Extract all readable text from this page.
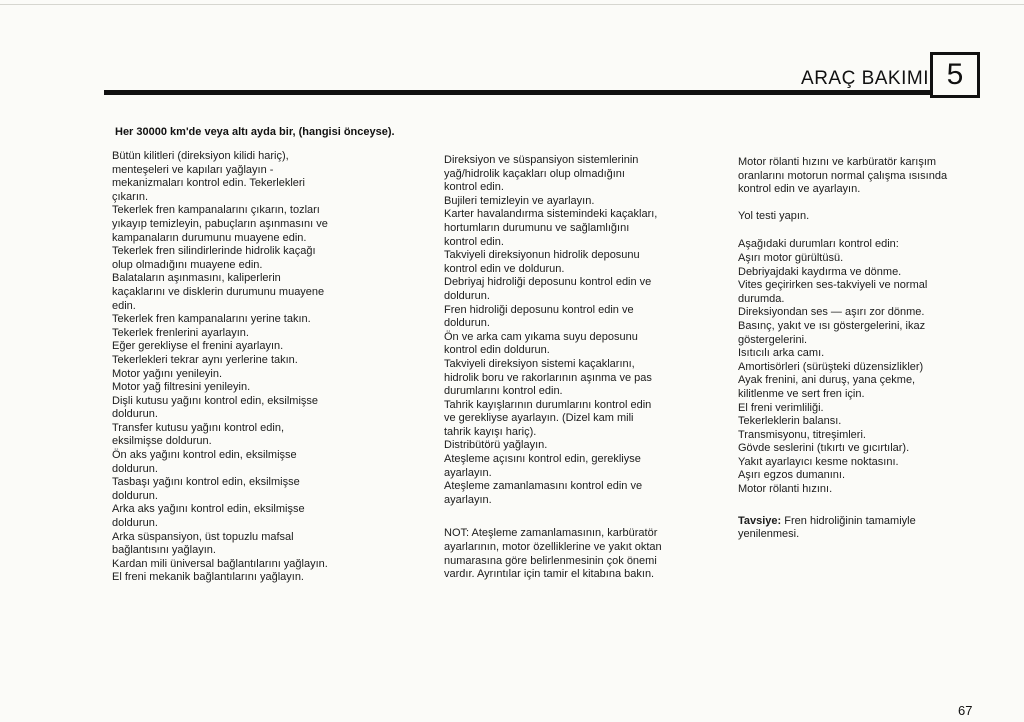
ARAÇ BAKIMI 5
Her 30000 km'de veya altı ayda bir, (hangisi önceyse).

Bütün kilitleri (direksiyon kilidi hariç),

menteşeleri ve kapıları yağlayın -

mekanizmaları kontrol edin. Tekerlekleri

çıkarın.

Tekerlek fren kampanalarını çıkarın, tozları

yıkayıp temizleyin, pabuçların aşınmasını ve

kampanaların durumunu muayene edin.

Tekerlek fren silindirlerinde hidrolik kaçağı

olup olmadığını muayene edin.

Balataların aşınmasını, kaliperlerin

kaçaklarını ve disklerin durumunu muayene

edin.

Tekerlek fren kampanalarını yerine takın.

Tekerlek frenlerini ayarlayın.

Eğer gerekliyse el frenini ayarlayın.

Tekerlekleri tekrar aynı yerlerine takın.

Motor yağını yenileyin.

Motor yağ filtresini yenileyin.

Dişli kutusu yağını kontrol edin, eksilmişse

doldurun.

Transfer kutusu yağını kontrol edin,

eksilmişse doldurun.

Ön aks yağını kontrol edin, eksilmişse

doldurun.

Tasbaşı yağını kontrol edin, eksilmişse

doldurun.

Arka aks yağını kontrol edin, eksilmişse

doldurun.

Arka süspansiyon, üst topuzlu mafsal

bağlantısını yağlayın.

Kardan mili üniversal bağlantılarını yağlayın.

El freni mekanik bağlantılarını yağlayın.

Direksiyon ve süspansiyon sistemlerinin

yağ/hidrolik kaçakları olup olmadığını

kontrol edin.

Bujileri temizleyin ve ayarlayın.

Karter havalandırma sistemindeki kaçakları,

hortumların durumunu ve sağlamlığını

kontrol edin.

Takviyeli direksiyonun hidrolik deposunu

kontrol edin ve doldurun.

Debriyaj hidroliği deposunu kontrol edin ve

doldurun.

Fren hidroliği deposunu kontrol edin ve

doldurun.

Ön ve arka cam yıkama suyu deposunu

kontrol edin doldurun.

Takviyeli direksiyon sistemi kaçaklarını,

hidrolik boru ve rakorlarının aşınma ve pas

durumlarını kontrol edin.

Tahrik kayışlarının durumlarını kontrol edin

ve gerekliyse ayarlayın. (Dizel kam mili

tahrik kayışı hariç).

Distribütörü yağlayın.

Ateşleme açısını kontrol edin, gerekliyse

ayarlayın.

Ateşleme zamanlamasını kontrol edin ve

ayarlayın.

NOT: Ateşleme zamanlamasının, karbüratör

ayarlarının, motor özelliklerine ve yakıt oktan

numarasına göre belirlenmesinin çok önemi

vardır. Ayrıntılar için tamir el kitabına bakın.

Motor rölanti hızını ve karbüratör karışım

oranlarını motorun normal çalışma ısısında

kontrol edin ve ayarlayın.

Yol testi yapın.

Aşağıdaki durumları kontrol edin:

Aşırı motor gürültüsü.

Debriyajdaki kaydırma ve dönme.

Vites geçirirken ses-takviyeli ve normal

durumda.

Direksiyondan ses — aşırı zor dönme.

Basınç, yakıt ve ısı göstergelerini, ikaz

göstergelerini.

Isıtıcılı arka camı.

Amortisörleri (sürüşteki düzensizlikler)

Ayak frenini, ani duruş, yana çekme,

kilitlenme ve sert fren için.

El freni verimliliği.

Tekerleklerin balansı.

Transmisyonu, titreşimleri.

Gövde seslerini (tıkırtı ve gıcırtılar).

Yakıt ayarlayıcı kesme noktasını.

Aşırı egzos dumanını.

Motor rölanti hızını.

Tavsiye: Fren hidroliğinin tamamiyle

yenilenmesi.

67
